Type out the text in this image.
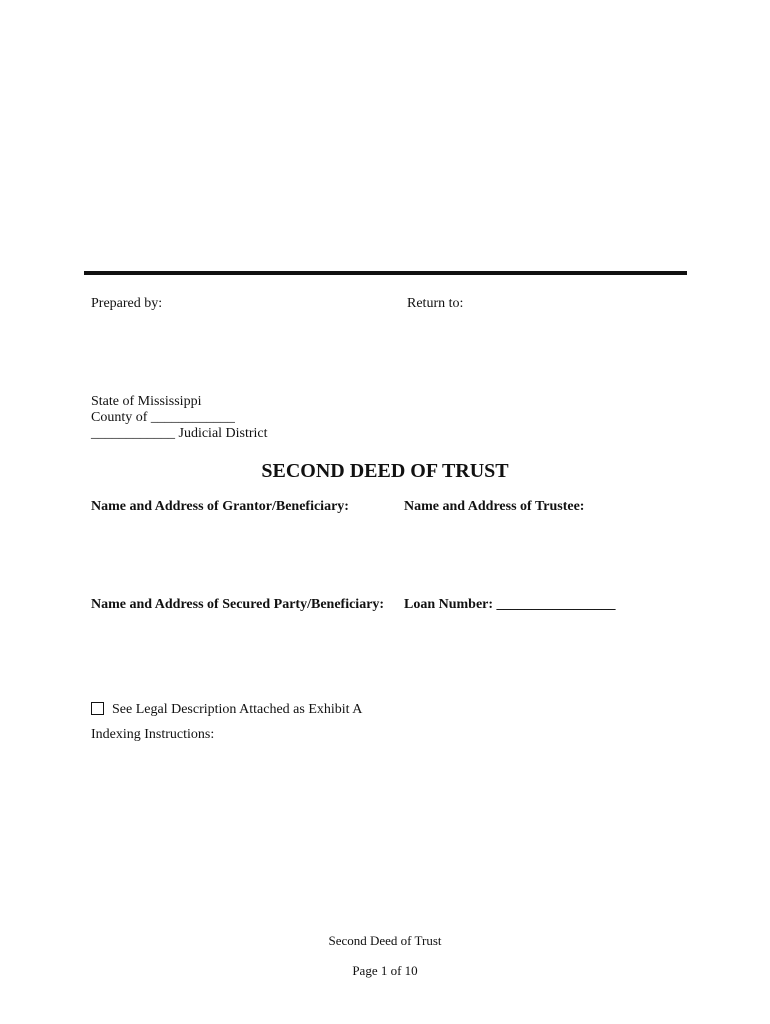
Prepared by:	Return to:
State of Mississippi
County of ____________
____________ Judicial District
SECOND DEED OF TRUST
Name and Address of Grantor/Beneficiary:	Name and Address of Trustee:
Name and Address of Secured Party/Beneficiary: Loan Number: _________________
See Legal Description Attached as Exhibit A
Indexing Instructions:
Second Deed of Trust
Page 1 of 10
